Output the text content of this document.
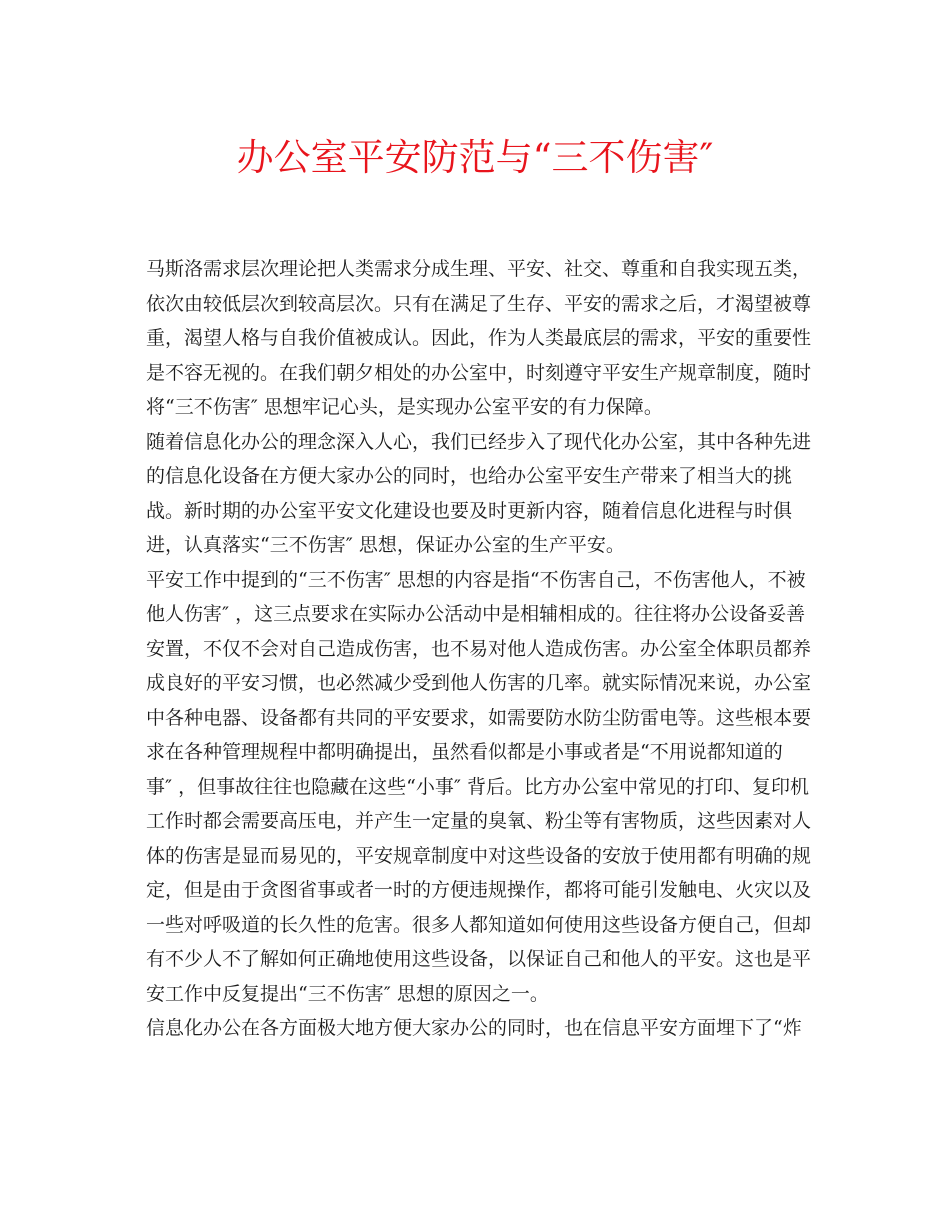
办公室平安防范与“三不伤害″
马斯洛需求层次理论把人类需求分成生理、平安、社交、尊重和自我实现五类，
依次由较低层次到较高层次。只有在满足了生存、平安的需求之后，才渴望被尊
重，渴望人格与自我价值被成认。因此，作为人类最底层的需求，平安的重要性
是不容无视的。在我们朝夕相处的办公室中，时刻遵守平安生产规章制度，随时
将“三不伤害″ 思想牢记心头，是实现办公室平安的有力保障。
随着信息化办公的理念深入人心，我们已经步入了现代化办公室，其中各种先进
的信息化设备在方便大家办公的同时，也给办公室平安生产带来了相当大的挑
战。新时期的办公室平安文化建设也要及时更新内容，随着信息化进程与时俱
进，认真落实“三不伤害″ 思想，保证办公室的生产平安。
平安工作中提到的“三不伤害″ 思想的内容是指“不伤害自己，不伤害他人，不被
他人伤害″ ，这三点要求在实际办公活动中是相辅相成的。往往将办公设备妥善
安置，不仅不会对自己造成伤害，也不易对他人造成伤害。办公室全体职员都养
成良好的平安习惯，也必然减少受到他人伤害的几率。就实际情况来说，办公室
中各种电器、设备都有共同的平安要求，如需要防水防尘防雷电等。这些根本要
求在各种管理规程中都明确提出，虽然看似都是小事或者是“不用说都知道的
事″ ，但事故往往也隐藏在这些“小事″ 背后。比方办公室中常见的打印、复印机
工作时都会需要高压电，并产生一定量的臭氧、粉尘等有害物质，这些因素对人
体的伤害是显而易见的，平安规章制度中对这些设备的安放于使用都有明确的规
定，但是由于贪图省事或者一时的方便违规操作，都将可能引发触电、火灾以及
一些对呼吸道的长久性的危害。很多人都知道如何使用这些设备方便自己，但却
有不少人不了解如何正确地使用这些设备，以保证自己和他人的平安。这也是平
安工作中反复提出“三不伤害″ 思想的原因之一。
信息化办公在各方面极大地方便大家办公的同时，也在信息平安方面埋下了“炸
